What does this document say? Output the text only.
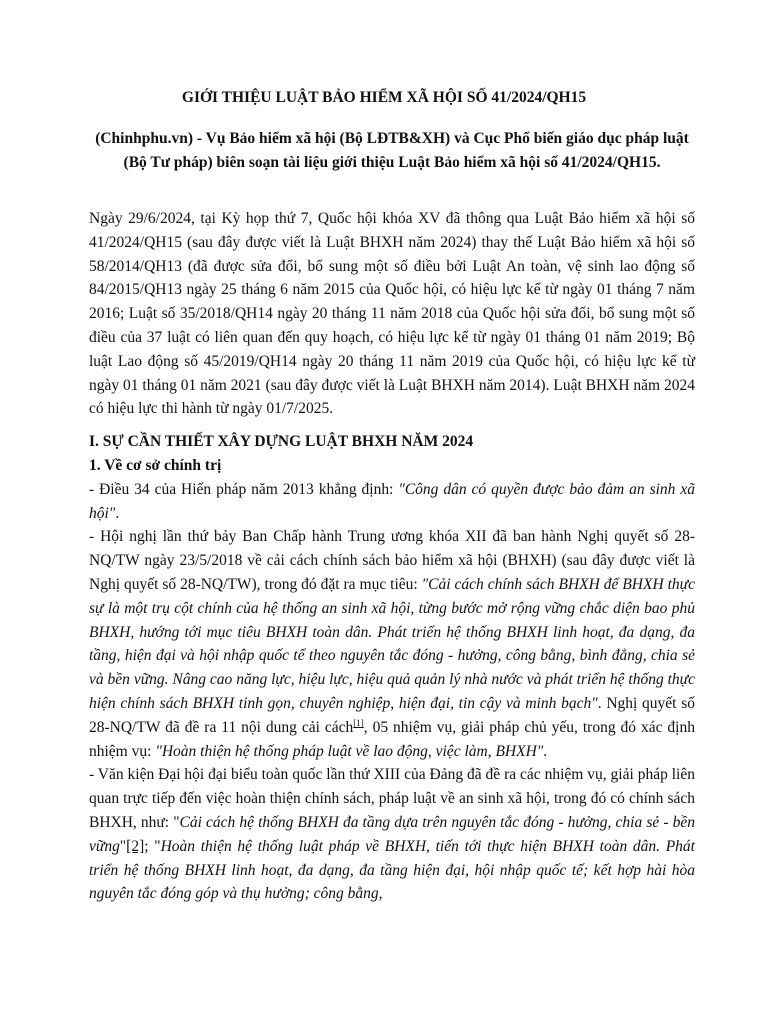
GIỚI THIỆU LUẬT BẢO HIỂM XÃ HỘI SỐ 41/2024/QH15
(Chinhphu.vn) - Vụ Bảo hiểm xã hội (Bộ LĐTB&XH) và Cục Phổ biến giáo dục pháp luật (Bộ Tư pháp) biên soạn tài liệu giới thiệu Luật Bảo hiểm xã hội số 41/2024/QH15.

Ngày 29/6/2024, tại Kỳ họp thứ 7, Quốc hội khóa XV đã thông qua Luật Bảo hiểm xã hội số 41/2024/QH15 (sau đây được viết là Luật BHXH năm 2024) thay thế Luật Bảo hiểm xã hội số 58/2014/QH13 (đã được sửa đổi, bổ sung một số điều bởi Luật An toàn, vệ sinh lao động số 84/2015/QH13 ngày 25 tháng 6 năm 2015 của Quốc hội, có hiệu lực kể từ ngày 01 tháng 7 năm 2016; Luật số 35/2018/QH14 ngày 20 tháng 11 năm 2018 của Quốc hội sửa đổi, bổ sung một số điều của 37 luật có liên quan đến quy hoạch, có hiệu lực kể từ ngày 01 tháng 01 năm 2019; Bộ luật Lao động số 45/2019/QH14 ngày 20 tháng 11 năm 2019 của Quốc hội, có hiệu lực kể từ ngày 01 tháng 01 năm 2021 (sau đây được viết là Luật BHXH năm 2014). Luật BHXH năm 2024 có hiệu lực thi hành từ ngày 01/7/2025.

I. SỰ CẦN THIẾT XÂY DỰNG LUẬT BHXH NĂM 2024

1. Về cơ sở chính trị

- Điều 34 của Hiến pháp năm 2013 khẳng định: "Công dân có quyền được bảo đảm an sinh xã hội".

- Hội nghị lần thứ bảy Ban Chấp hành Trung ương khóa XII đã ban hành Nghị quyết số 28-NQ/TW ngày 23/5/2018 về cải cách chính sách bảo hiểm xã hội (BHXH) (sau đây được viết là Nghị quyết số 28-NQ/TW), trong đó đặt ra mục tiêu: "Cải cách chính sách BHXH để BHXH thực sự là một trụ cột chính của hệ thống an sinh xã hội, từng bước mở rộng vững chắc diện bao phủ BHXH, hướng tới mục tiêu BHXH toàn dân. Phát triển hệ thống BHXH linh hoạt, đa dạng, đa tầng, hiện đại và hội nhập quốc tế theo nguyên tắc đóng - hưởng, công bằng, bình đẳng, chia sẻ và bền vững. Nâng cao năng lực, hiệu lực, hiệu quả quản lý nhà nước và phát triển hệ thống thực hiện chính sách BHXH tinh gọn, chuyên nghiệp, hiện đại, tin cậy và minh bạch". Nghị quyết số 28-NQ/TW đã đề ra 11 nội dung cải cách[1], 05 nhiệm vụ, giải pháp chủ yếu, trong đó xác định nhiệm vụ: "Hoàn thiện hệ thống pháp luật về lao động, việc làm, BHXH".

- Văn kiện Đại hội đại biểu toàn quốc lần thứ XIII của Đảng đã đề ra các nhiệm vụ, giải pháp liên quan trực tiếp đến việc hoàn thiện chính sách, pháp luật về an sinh xã hội, trong đó có chính sách BHXH, như: "Cải cách hệ thống BHXH đa tầng dựa trên nguyên tắc đóng - hưởng, chia sẻ - bền vững"[2]; "Hoàn thiện hệ thống luật pháp về BHXH, tiến tới thực hiện BHXH toàn dân. Phát triển hệ thống BHXH linh hoạt, đa dạng, đa tầng hiện đại, hội nhập quốc tế; kết hợp hài hòa nguyên tắc đóng góp và thụ hưởng; công bằng,
